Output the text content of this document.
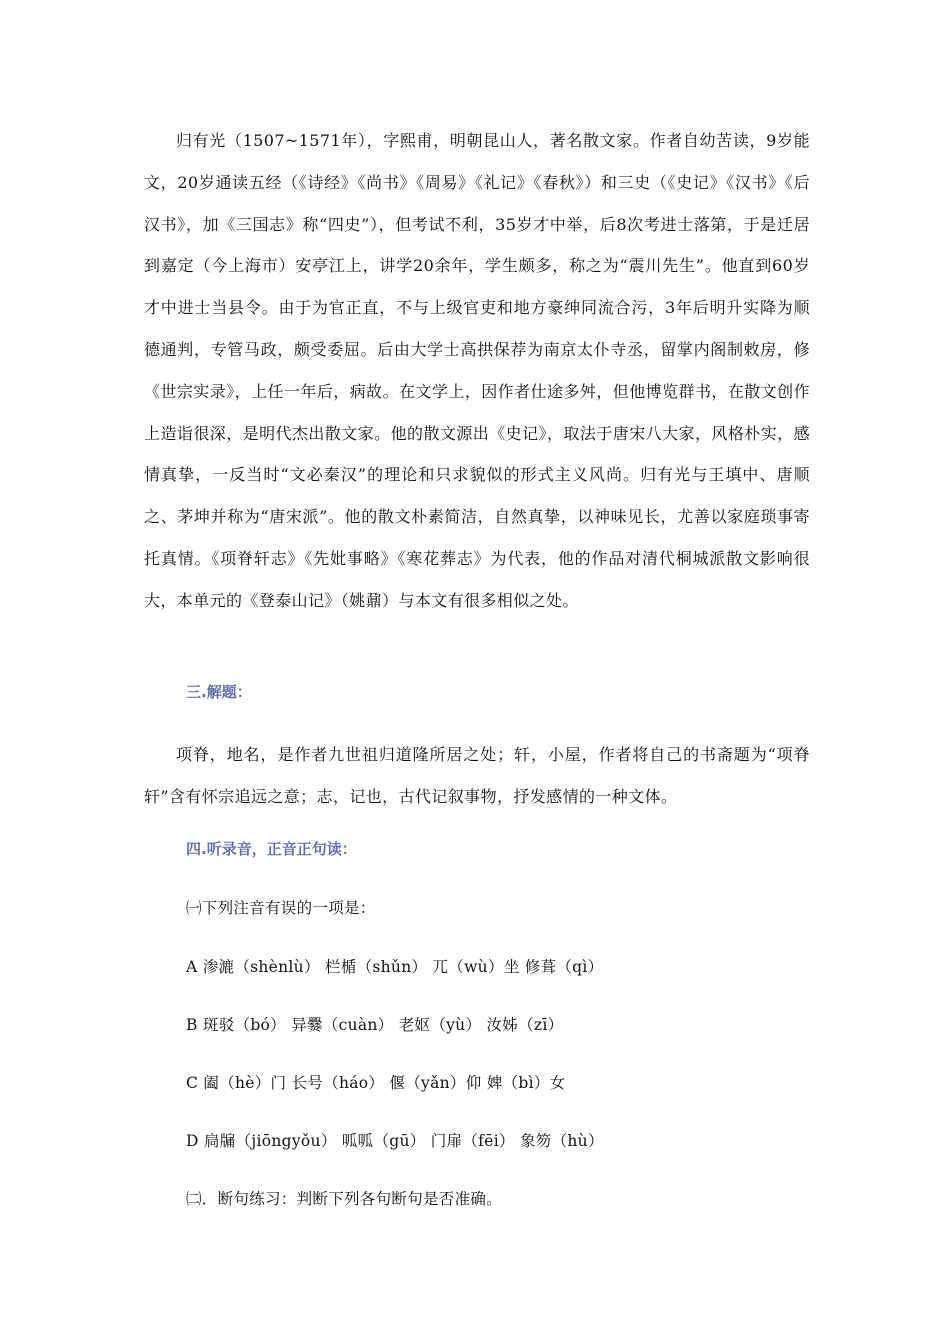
归有光（1507~1571年），字熙甫，明朝昆山人，著名散文家。作者自幼苦读，9岁能文，20岁通读五经（《诗经》《尚书》《周易》《礼记》《春秋》）和三史（《史记》《汉书》《后汉书》，加《三国志》称“四史”），但考试不利，35岁才中举，后8次考进士落第，于是迁居到嘉定（今上海市）安亭江上，讲学20余年，学生颇多，称之为“震川先生”。他直到60岁才中进士当县令。由于为官正直，不与上级官吏和地方豪绅同流合污，3年后明升实降为顺德通判，专管马政，颇受委屈。后由大学士高拱保荐为南京太仆寺丞，留掌内阁制敕房，修《世宗实录》，上任一年后，病故。在文学上，因作者仕途多舛，但他博览群书，在散文创作上造诣很深，是明代杰出散文家。他的散文源出《史记》，取法于唐宋八大家，风格朴实，感情真挚，一反当时“文必秦汉”的理论和只求貌似的形式主义风尚。归有光与王填中、唐顺之、茅坤并称为“唐宋派”。他的散文朴素简洁，自然真挚，以神味见长，尤善以家庭琐事寄托真情。《项脊轩志》《先妣事略》《寒花葬志》为代表，他的作品对清代桐城派散文影响很大，本单元的《登泰山记》（姚鼐）与本文有很多相似之处。

三.解题：

项脊，地名，是作者九世祖归道隆所居之处；轩，小屋，作者将自己的书斋题为“项脊轩”含有怀宗追远之意；志，记也，古代记叙事物，抒发感情的一种文体。

四.听录音，正音正句读：

㈠下列注音有误的一项是：

A 渗漉（shènlù） 栏楯（shǔn） 兀（wù）坐 修葺（qì）

B 斑驳（bó） 异爨（cuàn） 老妪（yù） 汝姊（zī）

C 阖（hè）门 长号（háo） 偃（yǎn）仰 婢（bì）女

D 扃牖（jiōngyǒu） 呱呱（gū） 门扉（fēi） 象笏（hù）

㈡．断句练习：判断下列各句断句是否准确。
